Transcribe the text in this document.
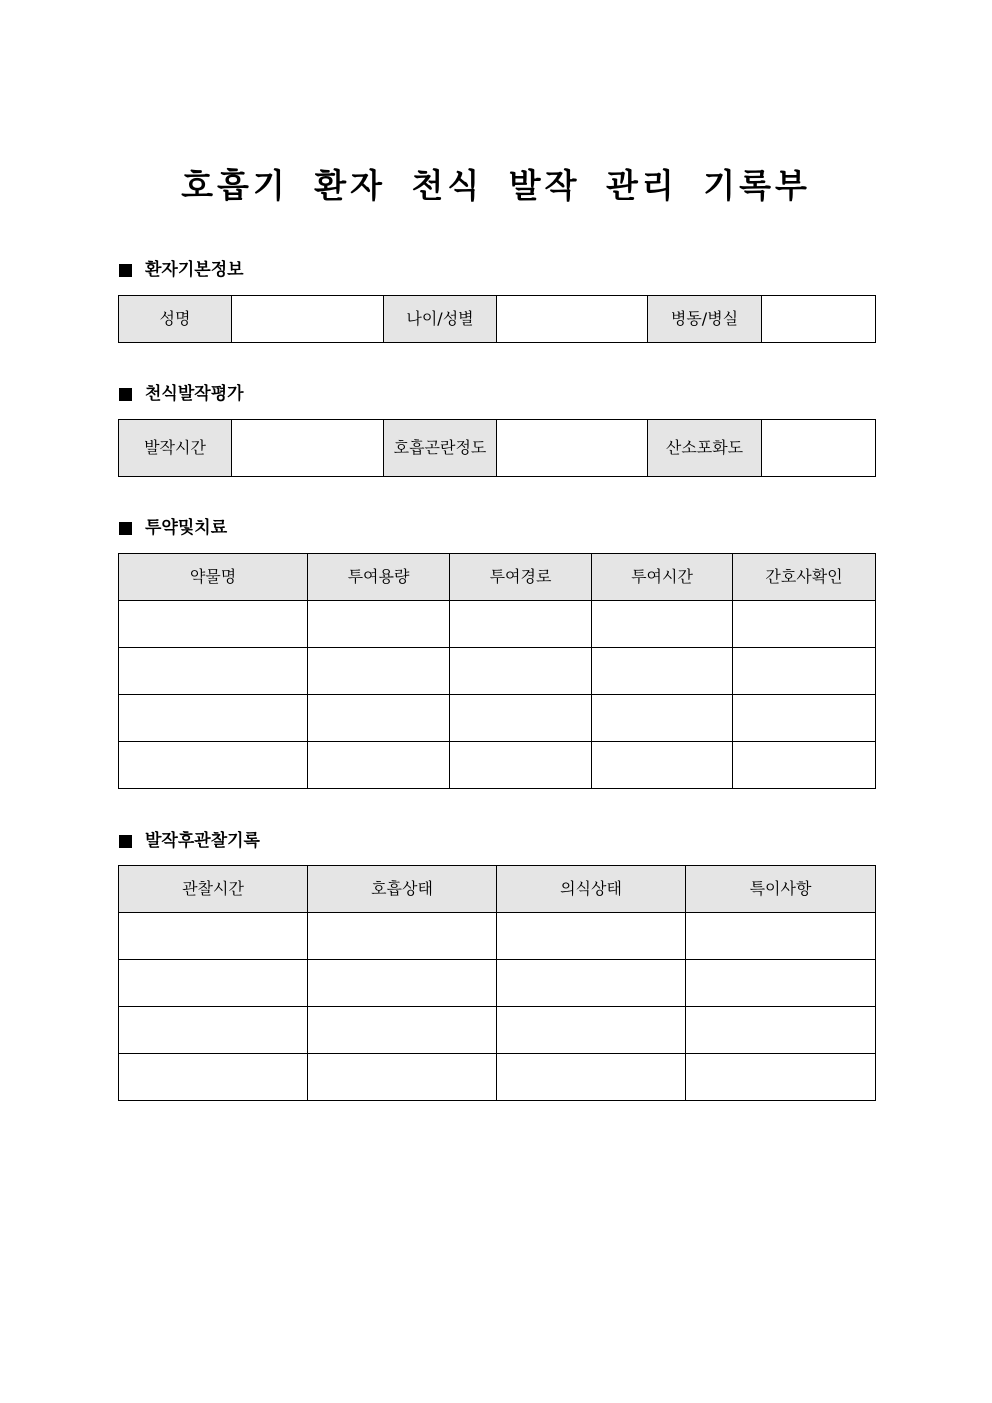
호흡기 환자 천식 발작 관리 기록부
환자기본정보
성명		나이/성별		병동/병실	
천식발작평가
발작시간		호흡곤란정도		산소포화도	
투약및치료
약물명	투여용량	투여경로	투여시간	간호사확인

발작후관찰기록
관찰시간	호흡상태	의식상태	특이사항
